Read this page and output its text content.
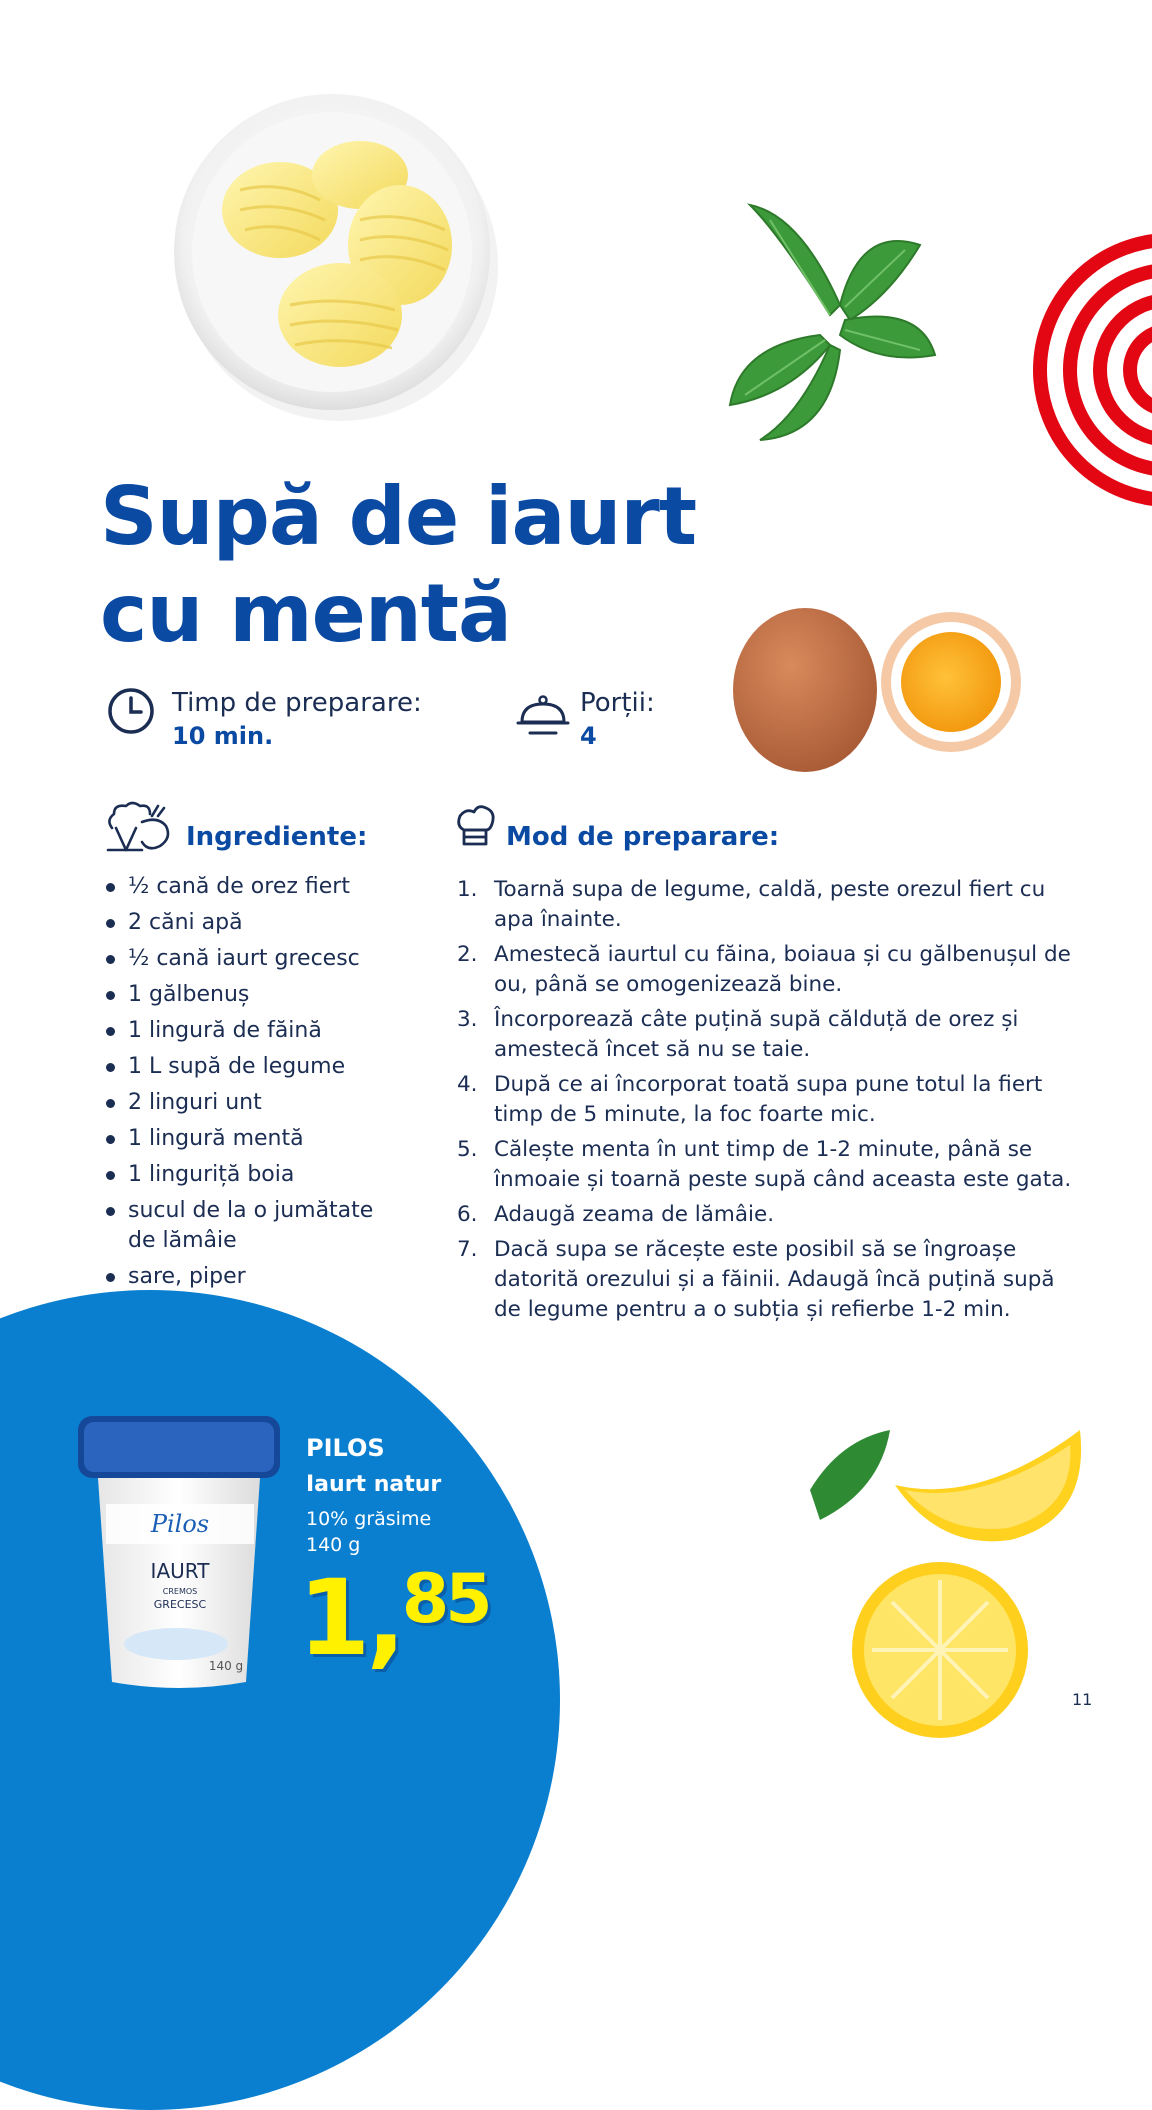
Supă de iaurt
cu mentă
Timp de preparare:
10 min.
Porții:
4
Ingrediente:
½ cană de orez fiert
2 căni apă
½ cană iaurt grecesc
1 gălbenuș
1 lingură de făină
1 L supă de legume
2 linguri unt
1 lingură mentă
1 linguriță boia
sucul de la o jumătate de lămâie
sare, piper
Mod de preparare:
1. Toarnă supa de legume, caldă, peste orezul fiert cu apa înainte.
2. Amestecă iaurtul cu făina, boiaua și cu gălbenușul de ou, până se omogenizează bine.
3. Încorporează câte puțină supă călduță de orez și amestecă încet să nu se taie.
4. După ce ai încorporat toată supa pune totul la fiert timp de 5 minute, la foc foarte mic.
5. Călește menta în unt timp de 1-2 minute, până se înmoaie și toarnă peste supă când aceasta este gata.
6. Adaugă zeama de lămâie.
7. Dacă supa se răcește este posibil să se îngroașe datorită orezului și a făinii. Adaugă încă puțină supă de legume pentru a o subția și refierbe 1-2 min.
Pilos
IAURT
CREMOS
GRECESC
140 g
PILOS
Iaurt natur
10% grăsime
140 g
1,85
11
